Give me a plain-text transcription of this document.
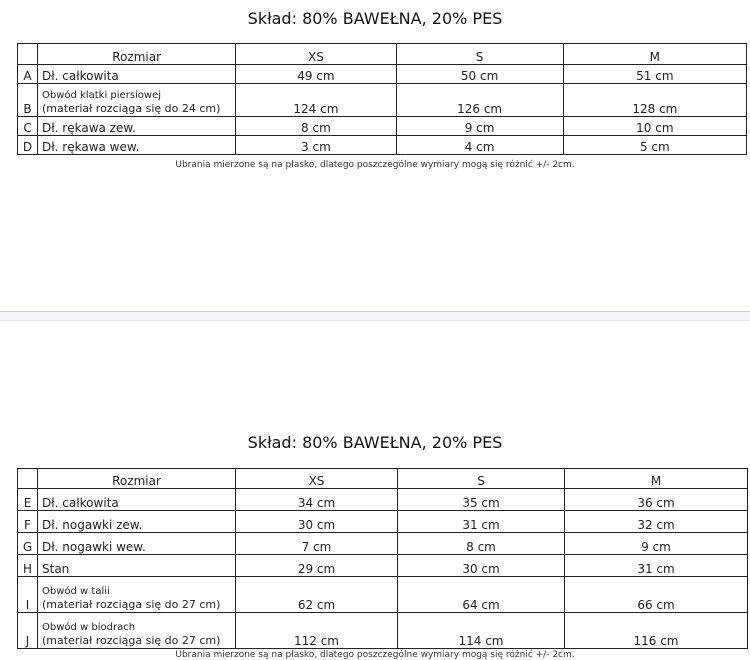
Skład: 80% BAWEŁNA, 20% PES
	Rozmiar	XS	S	M
A	Dł. całkowita	49 cm	50 cm	51 cm
B	Obwód klatki piersiowej
(materiał rozciąga się do 24 cm)	124 cm	126 cm	128 cm
C	Dł. rękawa zew.	8 cm	9 cm	10 cm
D	Dł. rękawa wew.	3 cm	4 cm	5 cm
Ubrania mierzone są na płasko, dlatego poszczególne wymiary mogą się różnić +/- 2cm.
Skład: 80% BAWEŁNA, 20% PES
	Rozmiar	XS	S	M
E	Dł. całkowita	34 cm	35 cm	36 cm
F	Dł. nogawki zew.	30 cm	31 cm	32 cm
G	Dł. nogawki wew.	7 cm	8 cm	9 cm
H	Stan	29 cm	30 cm	31 cm
I	Obwód w talii
(materiał rozciąga się do 27 cm)	62 cm	64 cm	66 cm
J	Obwód w biodrach
(materiał rozciąga się do 27 cm)	112 cm	114 cm	116 cm
Ubrania mierzone są na płasko, dlatego poszczególne wymiary mogą się różnić +/- 2cm.
